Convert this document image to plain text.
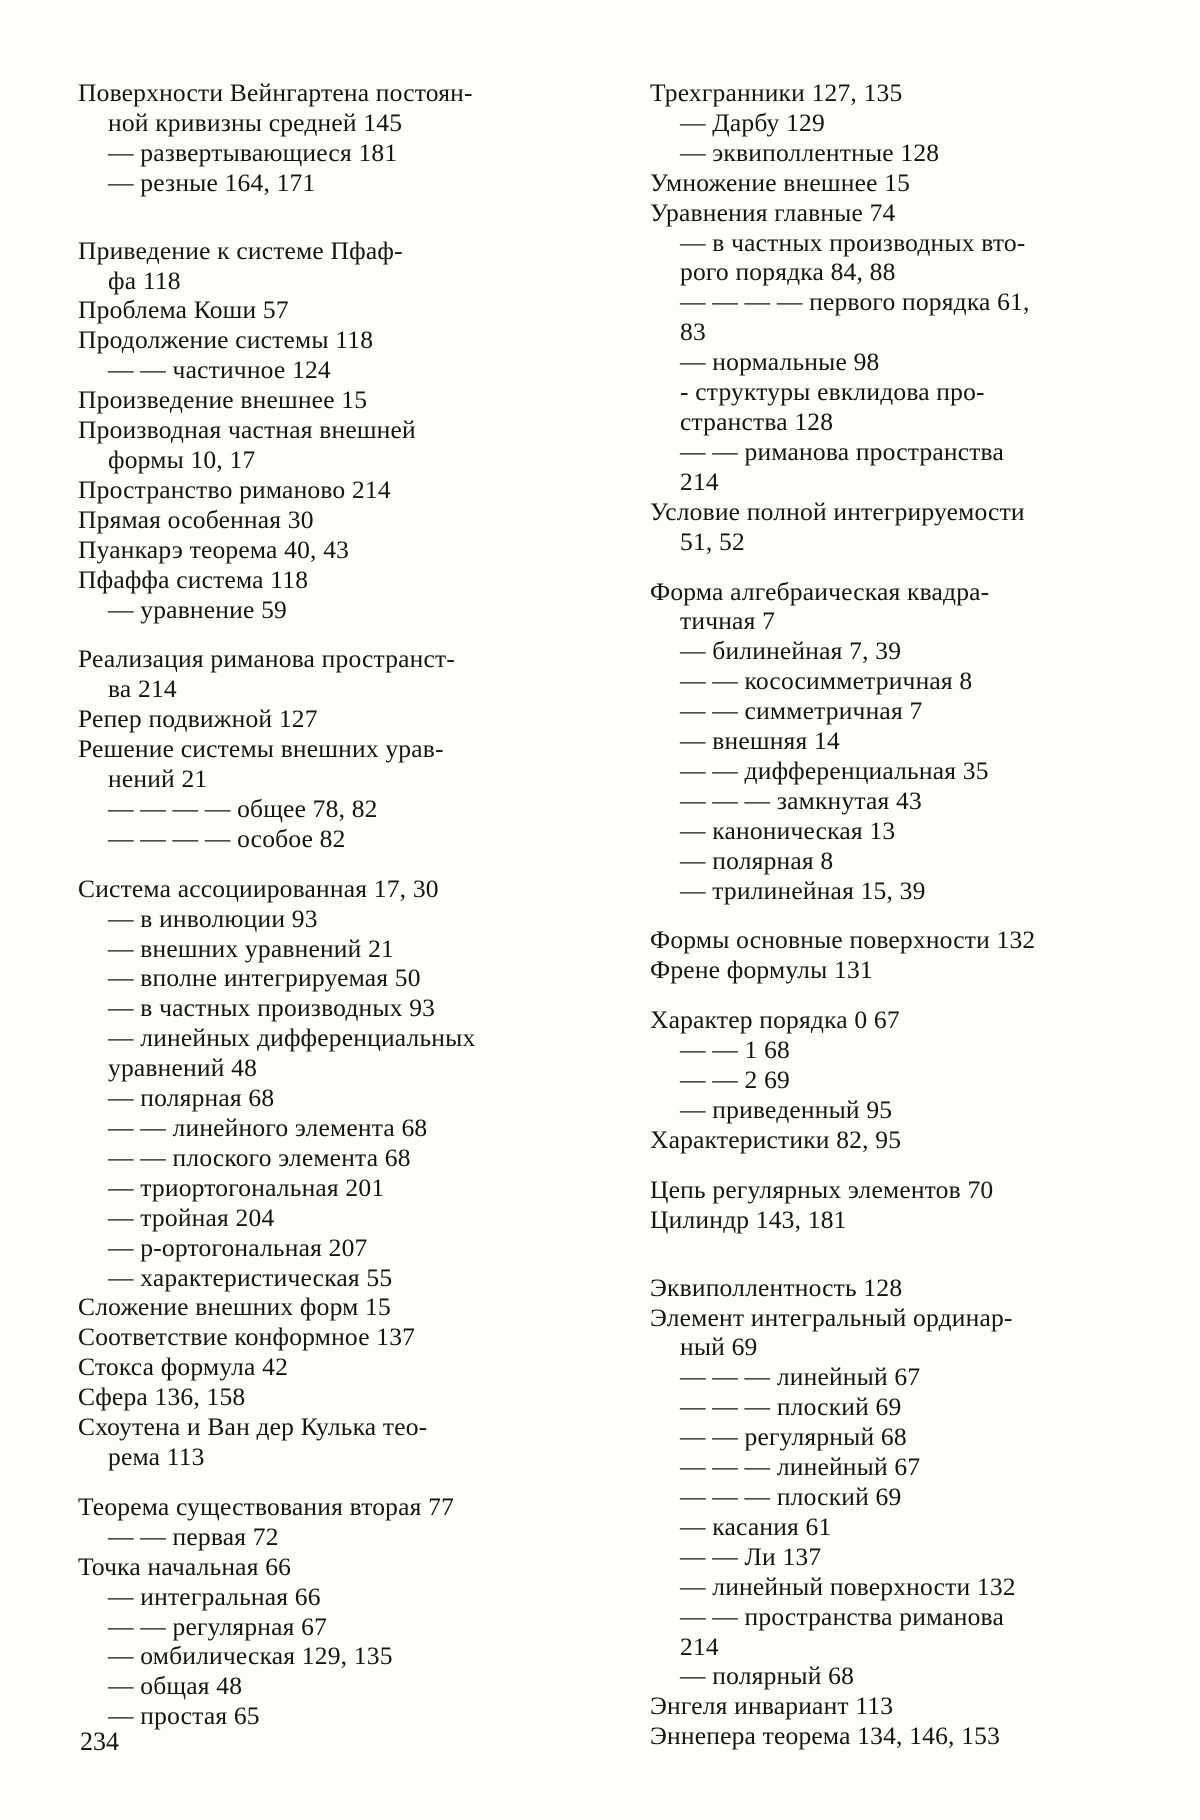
Поверхности Вейнгартена постоян-
ной кривизны средней 145
— развертывающиеся 181
— резные 164, 171
Приведение к системе Пфаф-
фа 118
Проблема Коши 57
Продолжение системы 118
— — частичное 124
Произведение внешнее 15
Производная частная внешней
формы 10, 17
Пространство риманово 214
Прямая особенная 30
Пуанкарэ теорема 40, 43
Пфаффа система 118
— уравнение 59
Реализация риманова пространст-
ва 214
Репер подвижной 127
Решение системы внешних урав-
нений 21
— — — — общее 78, 82
— — — — особое 82
Система ассоциированная 17, 30
— в инволюции 93
— внешних уравнений 21
— вполне интегрируемая 50
— в частных производных 93
— линейных дифференциальных
уравнений 48
— полярная 68
— — линейного элемента 68
— — плоского элемента 68
— триортогональная 201
— тройная 204
— p-ортогональная 207
— характеристическая 55
Сложение внешних форм 15
Соответствие конформное 137
Стокса формула 42
Сфера 136, 158
Схоутена и Ван дер Кулька тео-
рема 113
Теорема существования вторая 77
— — первая 72
Точка начальная 66
— интегральная 66
— — регулярная 67
— омбилическая 129, 135
— общая 48
— простая 65
Трехгранники 127, 135
— Дарбу 129
— эквиполлентные 128
Умножение внешнее 15
Уравнения главные 74
— в частных производных вто-
рого порядка 84, 88
— — — — первого порядка 61,
83
— нормальные 98
- структуры евклидова про-
странства 128
— — риманова пространства
214
Условие полной интегрируемости
51, 52
Форма алгебраическая квадра-
тичная 7
— билинейная 7, 39
— — кососимметричная 8
— — симметричная 7
— внешняя 14
— — дифференциальная 35
— — — замкнутая 43
— каноническая 13
— полярная 8
— трилинейная 15, 39
Формы основные поверхности 132
Френе формулы 131
Характер порядка 0 67
— — 1 68
— — 2 69
— приведенный 95
Характеристики 82, 95
Цепь регулярных элементов 70
Цилиндр 143, 181
Эквиполлентность 128
Элемент интегральный ординар-
ный 69
— — — линейный 67
— — — плоский 69
— — регулярный 68
— — — линейный 67
— — — плоский 69
— касания 61
— — Ли 137
— линейный поверхности 132
— — пространства риманова
214
— полярный 68
Энгеля инвариант 113
Эннепера теорема 134, 146, 153
234
